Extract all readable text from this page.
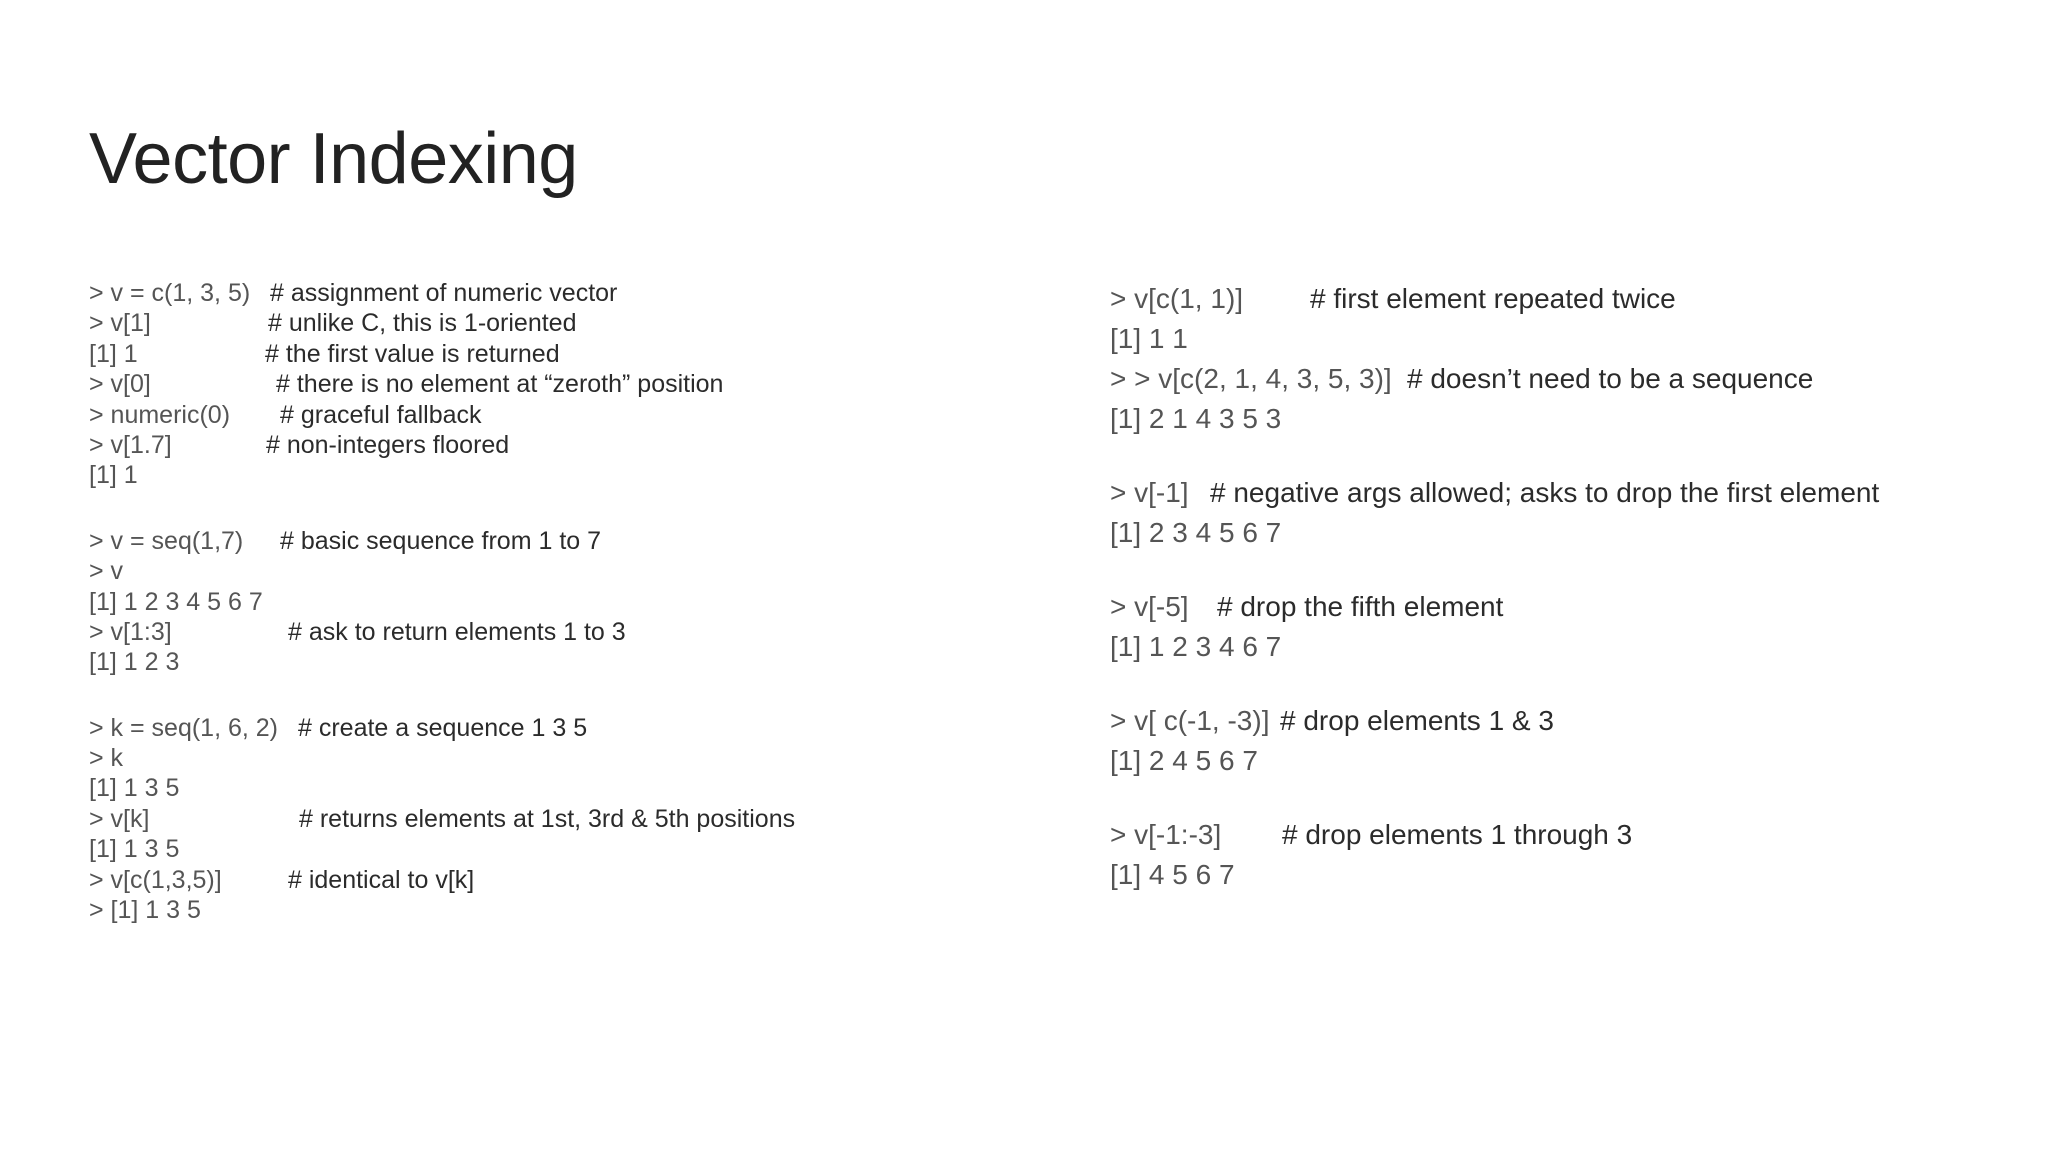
Vector Indexing
> v = c(1, 3, 5) # assignment of numeric vector
> v[1]	# unlike C, this is 1-oriented
[1] 1	# the first value is returned
> v[0]	# there is no element at “zeroth” position
> numeric(0) # graceful fallback
> v[1.7]	# non-integers floored
[1] 1
> v = seq(1,7) # basic sequence from 1 to 7
> v
[1] 1 2 3 4 5 6 7
> v[1:3]	# ask to return elements 1 to 3
[1] 1 2 3
> k = seq(1, 6, 2) # create a sequence 1 3 5
> k
[1] 1 3 5
> v[k]	# returns elements at 1st, 3rd & 5th positions
[1] 1 3 5
> v[c(1,3,5)]	# identical to v[k]
> [1] 1 3 5
> v[c(1, 1)] # first element repeated twice
[1] 1 1
> > v[c(2, 1, 4, 3, 5, 3)] # doesn’t need to be a sequence
[1] 2 1 4 3 5 3
> v[-1] # negative args allowed; asks to drop the first element
[1] 2 3 4 5 6 7
> v[-5] # drop the fifth element
[1] 1 2 3 4 6 7
> v[ c(-1, -3)] # drop elements 1 & 3
[1] 2 4 5 6 7
> v[-1:-3] # drop elements 1 through 3
[1] 4 5 6 7
